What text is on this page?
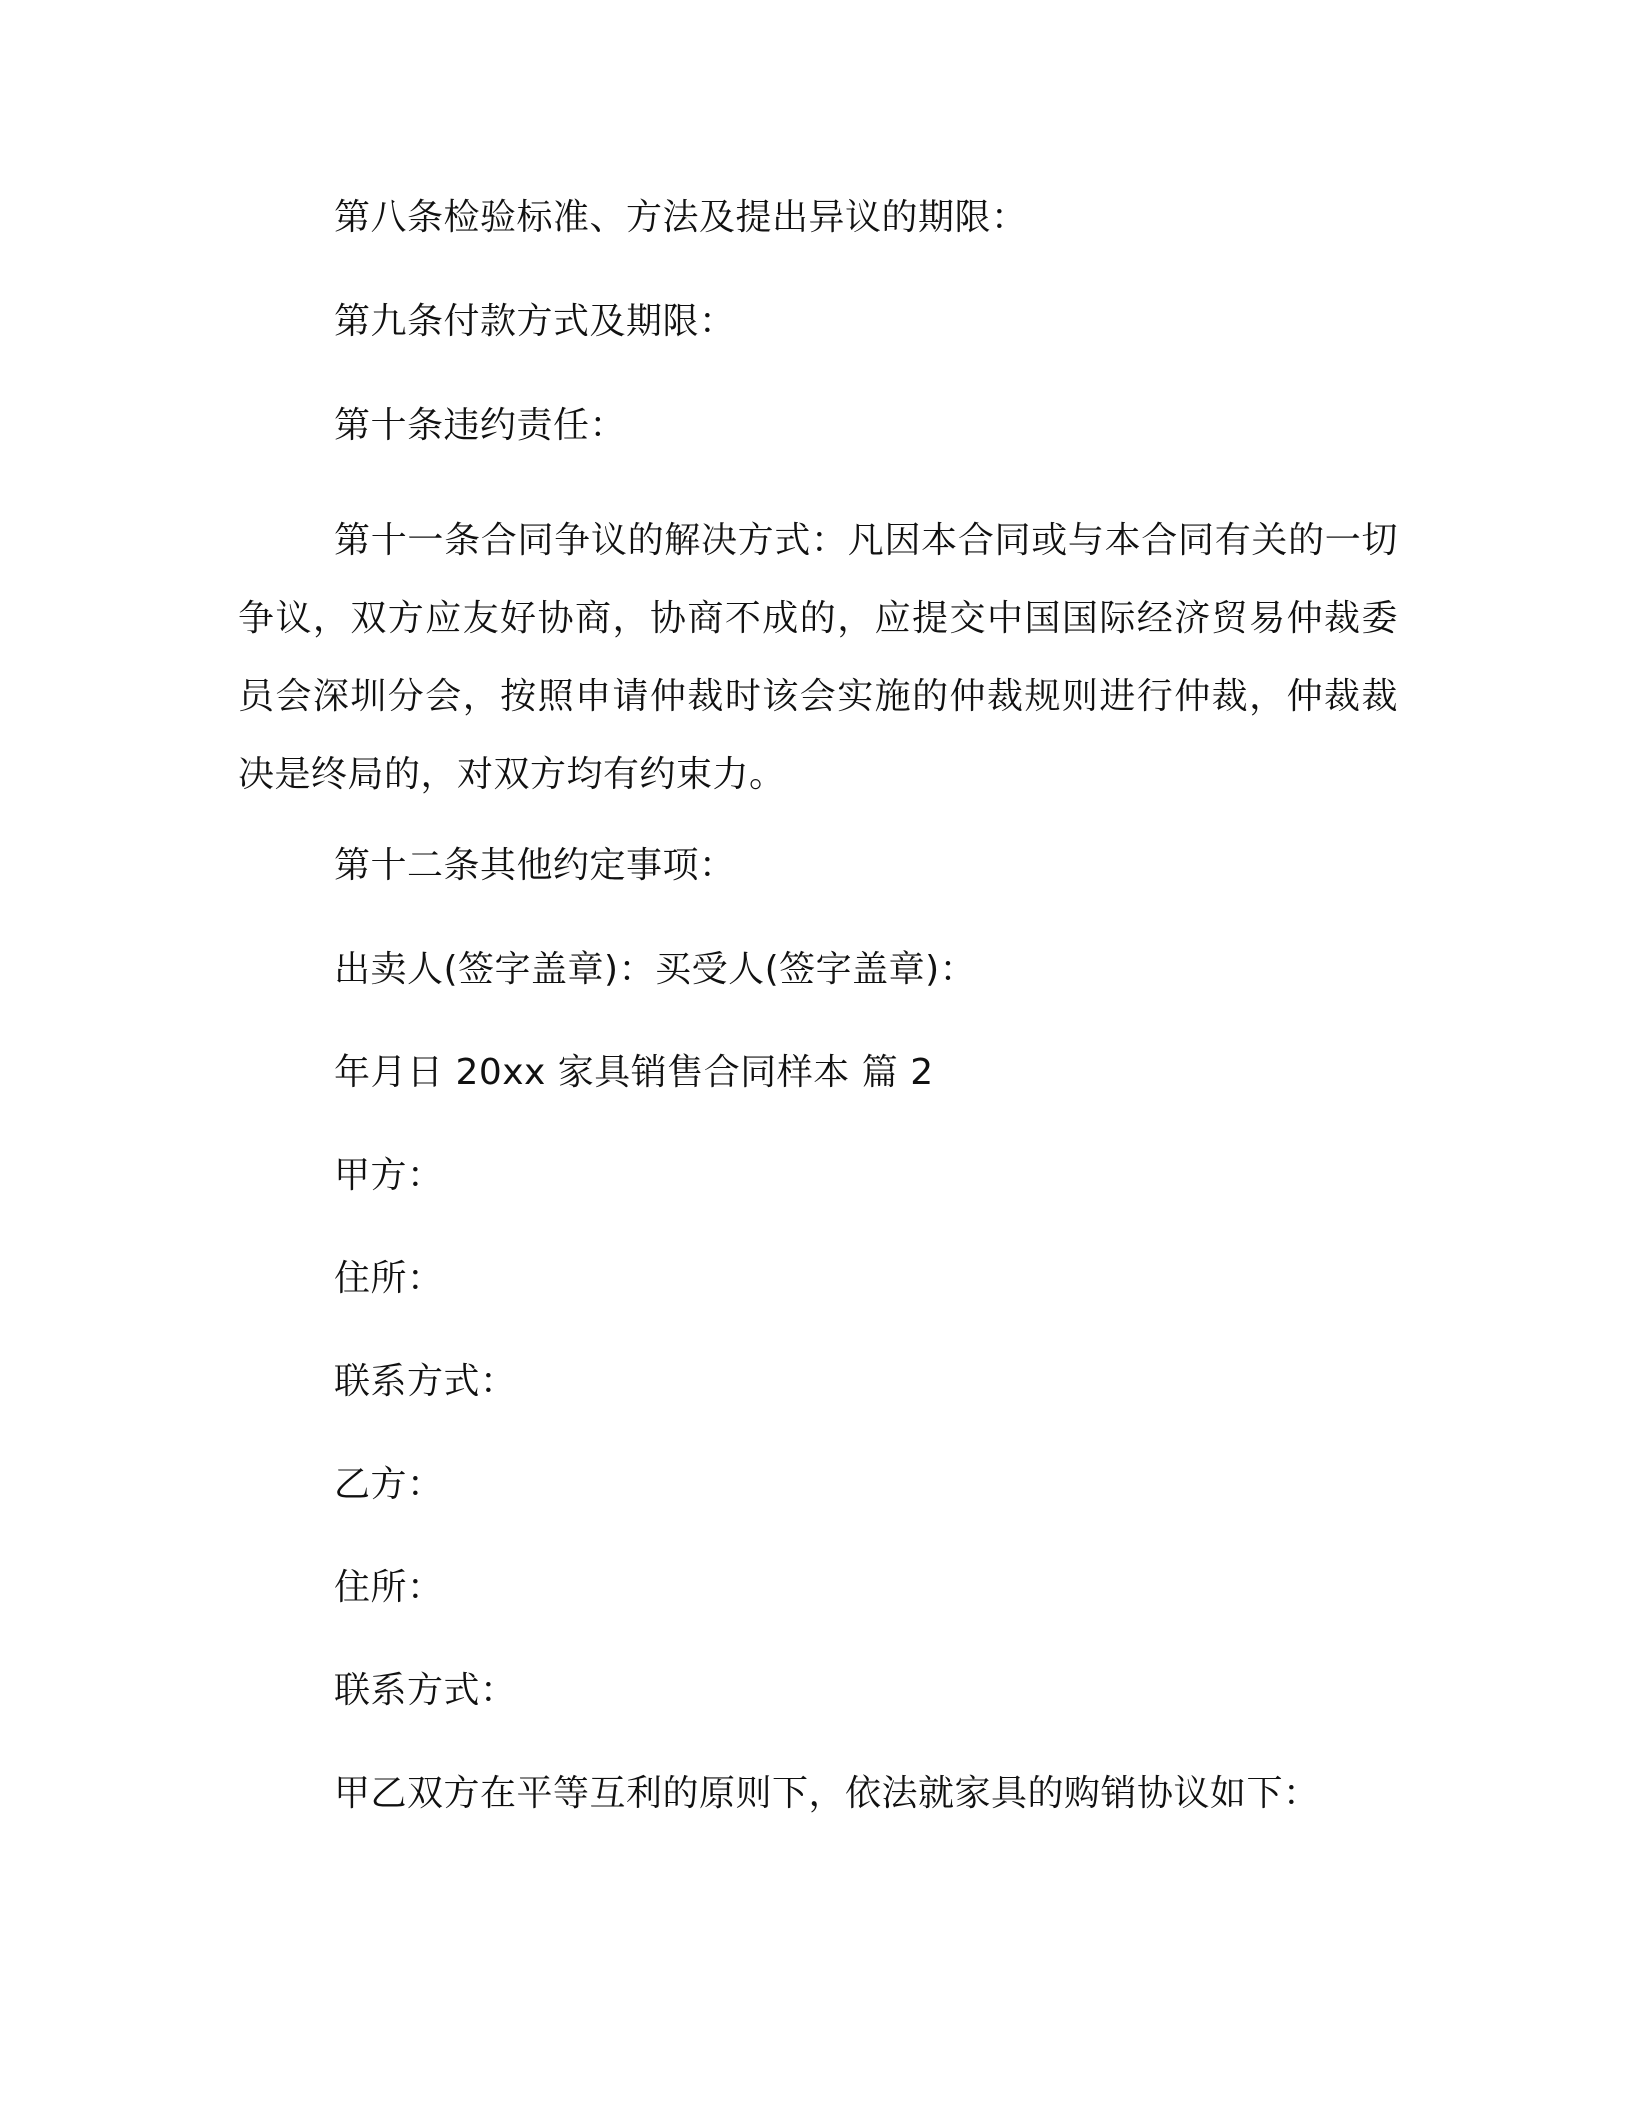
第八条检验标准、方法及提出异议的期限：
第九条付款方式及期限：
第十条违约责任：

第十一条合同争议的解决方式：凡因本合同或与本合同有关的一切争议，双方应友好协商，协商不成的，应提交中国国际经济贸易仲裁委员会深圳分会，按照申请仲裁时该会实施的仲裁规则进行仲裁，仲裁裁决是终局的，对双方均有约束力。

第十二条其他约定事项：
出卖人(签字盖章)：买受人(签字盖章)：
年月日 20xx 家具销售合同样本 篇 2
甲方：
住所：
联系方式：
乙方：
住所：
联系方式：
甲乙双方在平等互利的原则下，依法就家具的购销协议如下：
